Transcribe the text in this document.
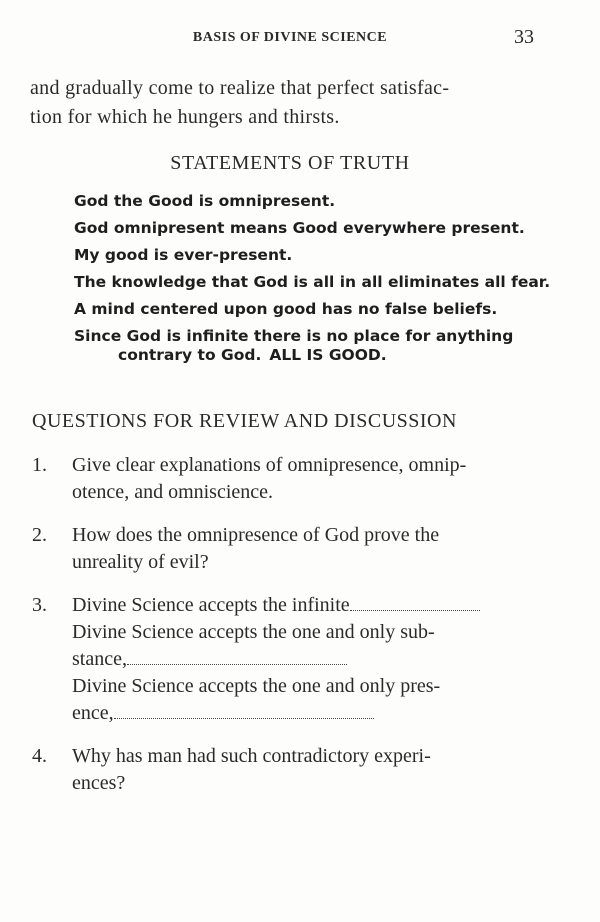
BASIS OF DIVINE SCIENCE	33
and gradually come to realize that perfect satisfac-
tion for which he hungers and thirsts.
STATEMENTS OF TRUTH
God the Good is omnipresent.
God omnipresent means Good everywhere present.
My good is ever-present.
The knowledge that God is all in all eliminates all fear.
A mind centered upon good has no false beliefs.
Since God is infinite there is no place for anything contrary to God. ALL IS GOOD.
QUESTIONS FOR REVIEW AND DISCUSSION
1.	Give clear explanations of omnipresence, omnip-
otence, and omniscience.
2.	How does the omnipresence of God prove the
unreality of evil?
3.	Divine Science accepts the infinite
Divine Science accepts the one and only sub-
stance,
Divine Science accepts the one and only pres-
ence,
4.	Why has man had such contradictory experi-
ences?
